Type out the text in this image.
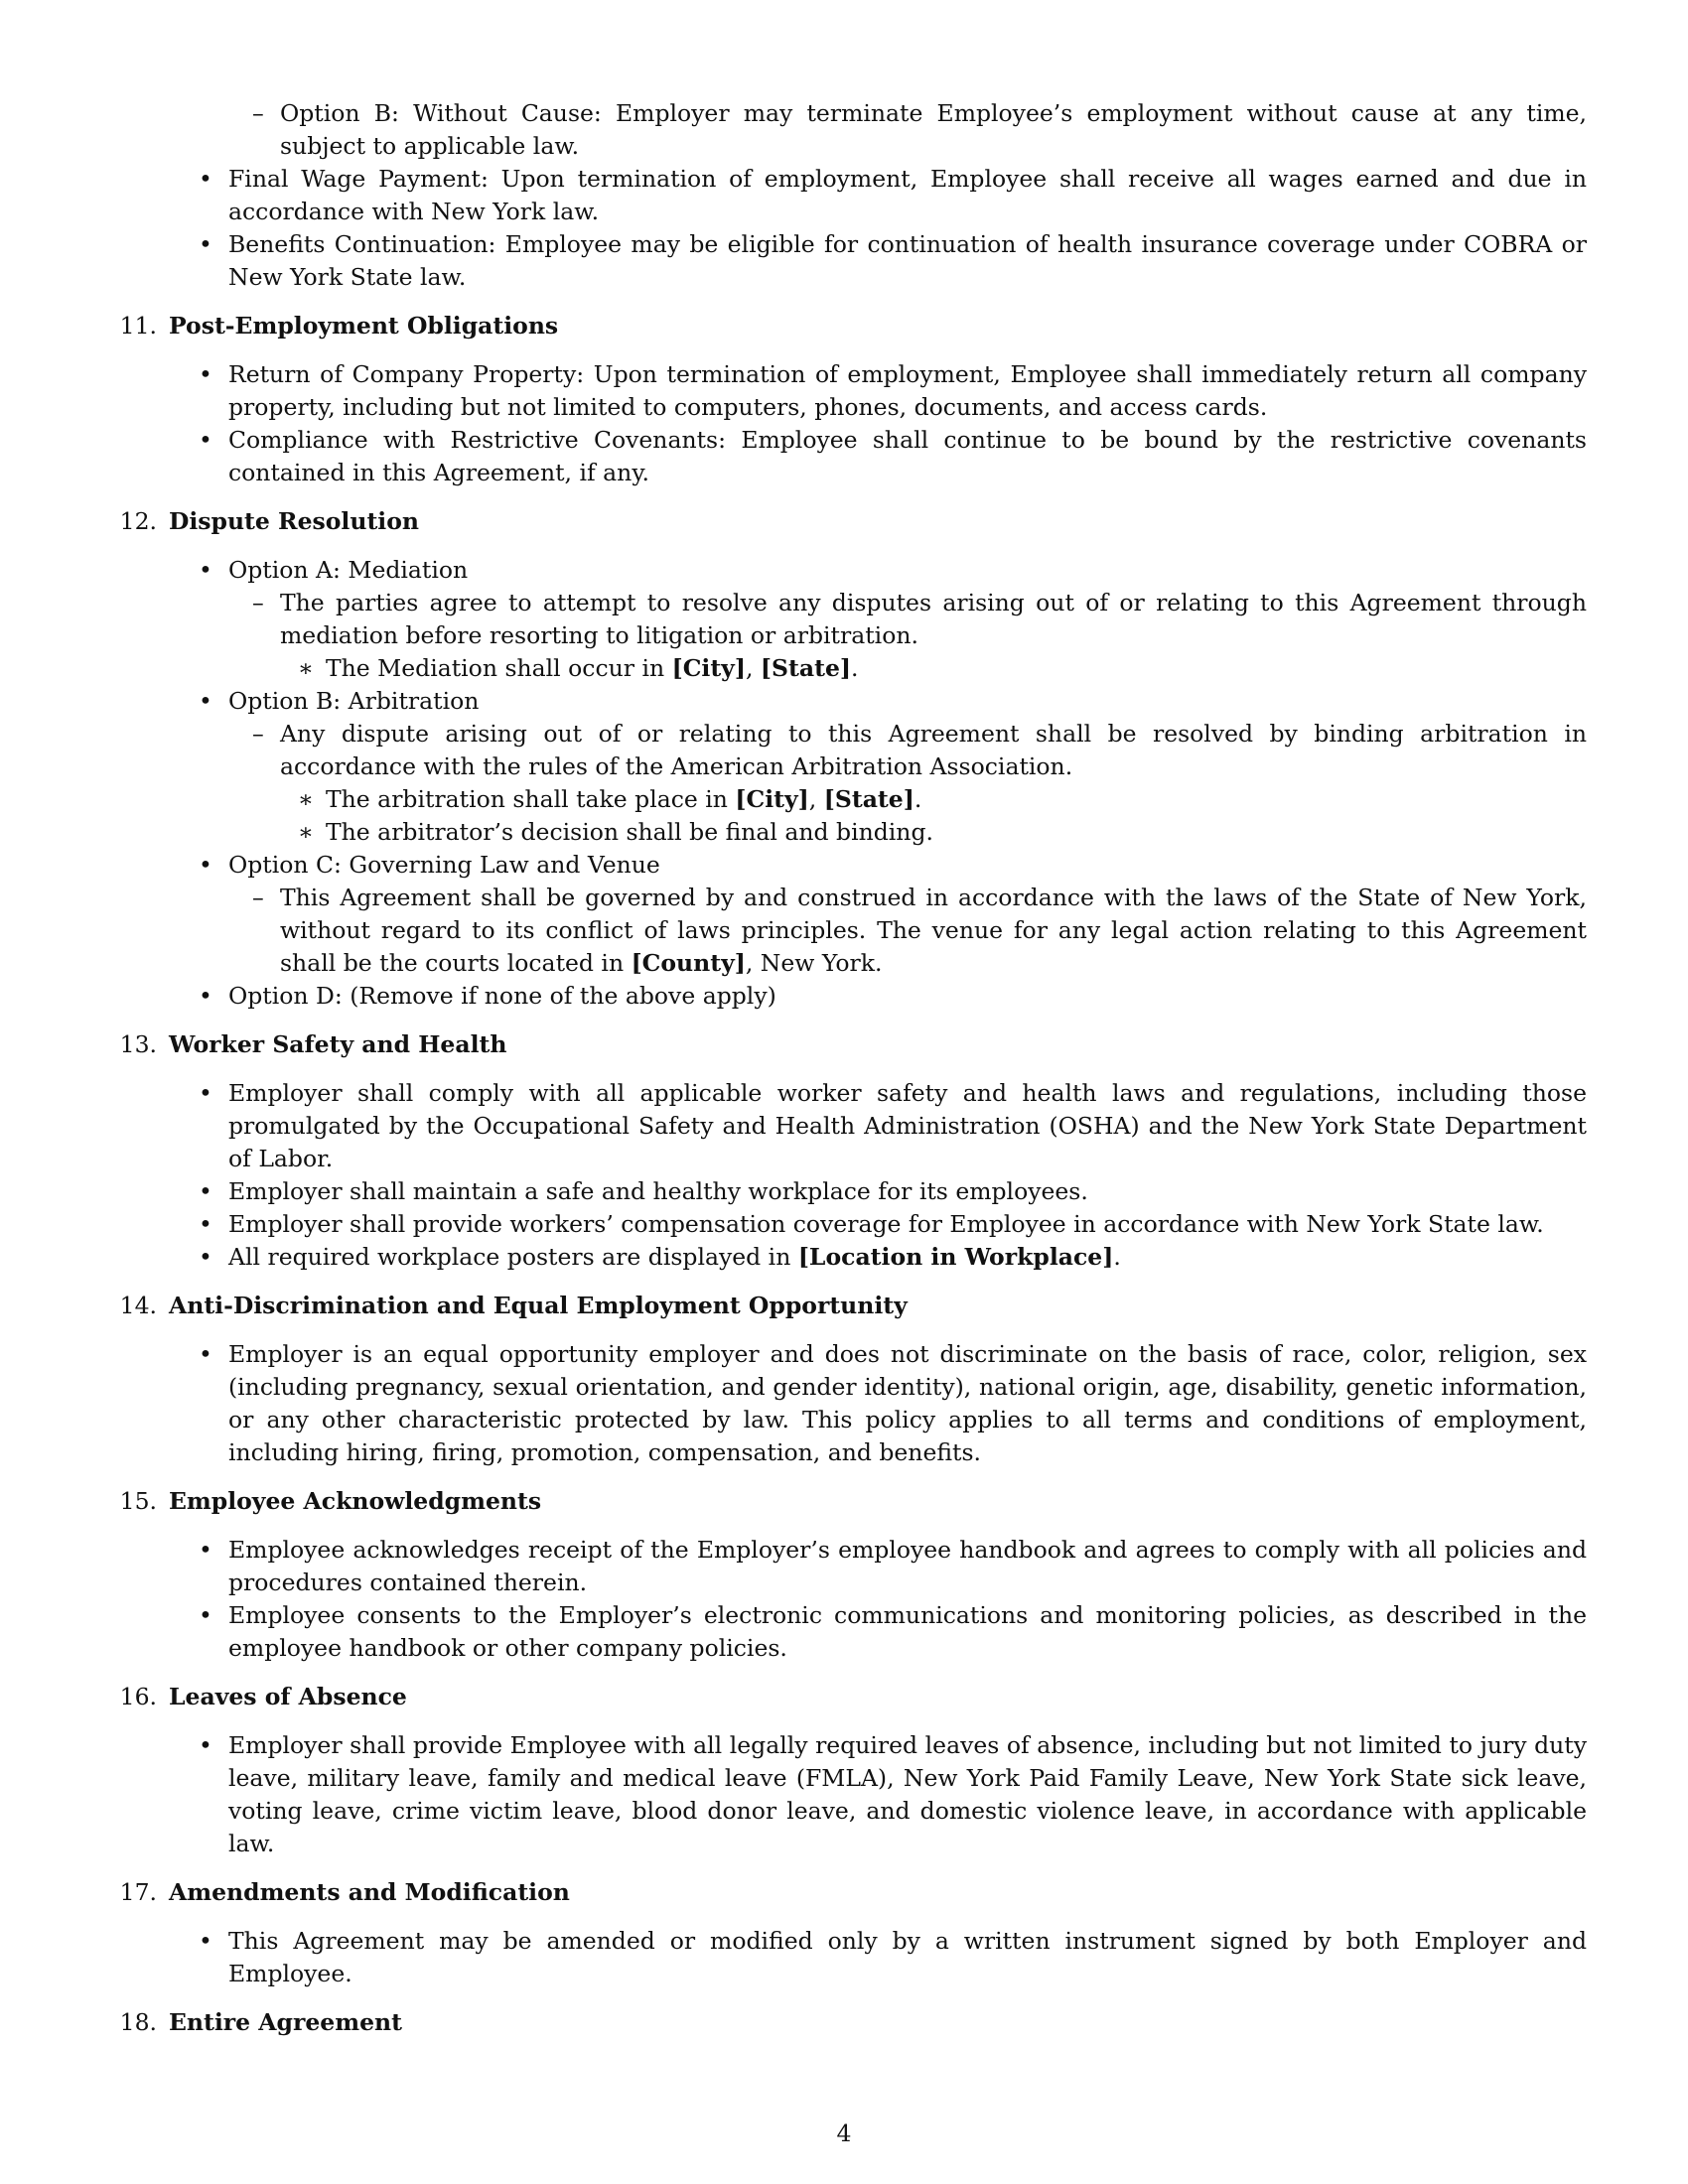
– Option B: Without Cause: Employer may terminate Employee’s employment without cause at any time, subject to applicable law.
• Final Wage Payment: Upon termination of employment, Employee shall receive all wages earned and due in accordance with New York law.
• Benefits Continuation: Employee may be eligible for continuation of health insurance coverage under COBRA or New York State law.
11. Post-Employment Obligations
• Return of Company Property: Upon termination of employment, Employee shall immediately return all company property, including but not limited to computers, phones, documents, and access cards.
• Compliance with Restrictive Covenants: Employee shall continue to be bound by the restrictive covenants contained in this Agreement, if any.
12. Dispute Resolution
• Option A: Mediation
– The parties agree to attempt to resolve any disputes arising out of or relating to this Agreement through mediation before resorting to litigation or arbitration.
∗ The Mediation shall occur in [City], [State].
• Option B: Arbitration
– Any dispute arising out of or relating to this Agreement shall be resolved by binding arbitration in accordance with the rules of the American Arbitration Association.
∗ The arbitration shall take place in [City], [State].
∗ The arbitrator’s decision shall be final and binding.
• Option C: Governing Law and Venue
– This Agreement shall be governed by and construed in accordance with the laws of the State of New York, without regard to its conflict of laws principles. The venue for any legal action relating to this Agreement shall be the courts located in [County], New York.
• Option D: (Remove if none of the above apply)
13. Worker Safety and Health
• Employer shall comply with all applicable worker safety and health laws and regulations, including those promulgated by the Occupational Safety and Health Administration (OSHA) and the New York State Department of Labor.
• Employer shall maintain a safe and healthy workplace for its employees.
• Employer shall provide workers’ compensation coverage for Employee in accordance with New York State law.
• All required workplace posters are displayed in [Location in Workplace].
14. Anti-Discrimination and Equal Employment Opportunity
• Employer is an equal opportunity employer and does not discriminate on the basis of race, color, religion, sex (including pregnancy, sexual orientation, and gender identity), national origin, age, disability, genetic information, or any other characteristic protected by law. This policy applies to all terms and conditions of employment, including hiring, firing, promotion, compensation, and benefits.
15. Employee Acknowledgments
• Employee acknowledges receipt of the Employer’s employee handbook and agrees to comply with all policies and procedures contained therein.
• Employee consents to the Employer’s electronic communications and monitoring policies, as described in the employee handbook or other company policies.
16. Leaves of Absence
• Employer shall provide Employee with all legally required leaves of absence, including but not limited to jury duty leave, military leave, family and medical leave (FMLA), New York Paid Family Leave, New York State sick leave, voting leave, crime victim leave, blood donor leave, and domestic violence leave, in accordance with applicable law.
17. Amendments and Modification
• This Agreement may be amended or modified only by a written instrument signed by both Employer and Employee.
18. Entire Agreement
4
